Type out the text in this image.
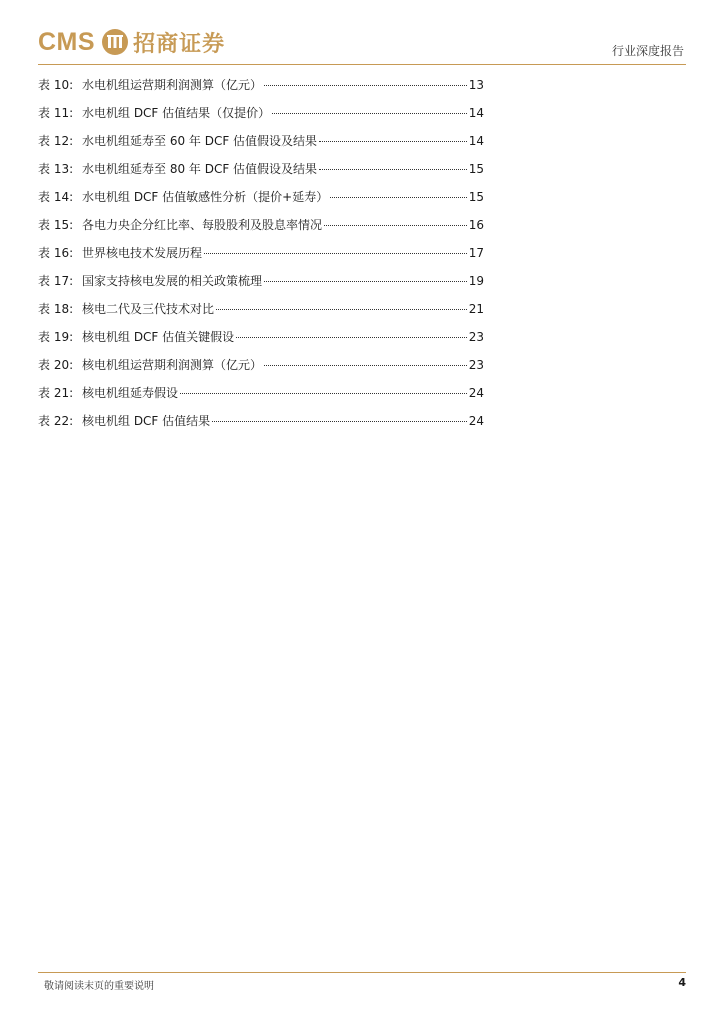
CMS 招商证券	行业深度报告
表 10: 水电机组运营期利润测算（亿元）	13
表 11: 水电机组 DCF 估值结果（仅提价）	14
表 12: 水电机组延寿至 60 年 DCF 估值假设及结果	14
表 13: 水电机组延寿至 80 年 DCF 估值假设及结果	15
表 14: 水电机组 DCF 估值敏感性分析（提价+延寿）	15
表 15: 各电力央企分红比率、每股股利及股息率情况	16
表 16: 世界核电技术发展历程	17
表 17: 国家支持核电发展的相关政策梳理	19
表 18: 核电二代及三代技术对比	21
表 19: 核电机组 DCF 估值关键假设	23
表 20: 核电机组运营期利润测算（亿元）	23
表 21: 核电机组延寿假设	24
表 22: 核电机组 DCF 估值结果	24
敬请阅读末页的重要说明	4
